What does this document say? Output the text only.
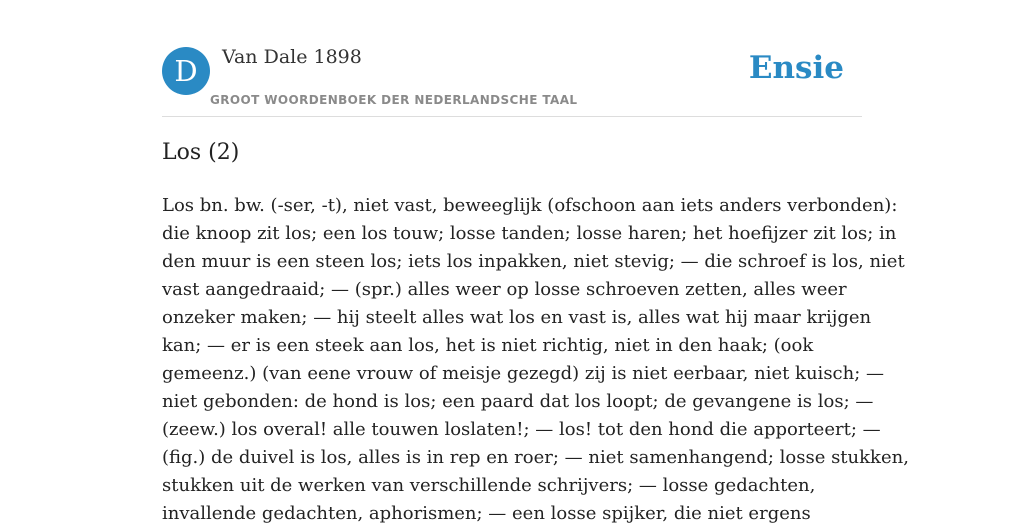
D	Van Dale 1898
GROOT WOORDENBOEK DER NEDERLANDSCHE TAAL
Ensie
Los (2)
Los bn. bw. (-ser, -t), niet vast, beweeglijk (ofschoon aan iets anders verbonden):
die knoop zit los; een los touw; losse tanden; losse haren; het hoefijzer zit los; in
den muur is een steen los; iets los inpakken, niet stevig; — die schroef is los, niet
vast aangedraaid; — (spr.) alles weer op losse schroeven zetten, alles weer
onzeker maken; — hij steelt alles wat los en vast is, alles wat hij maar krijgen
kan; — er is een steek aan los, het is niet richtig, niet in den haak; (ook
gemeenz.) (van eene vrouw of meisje gezegd) zij is niet eerbaar, niet kuisch; —
niet gebonden: de hond is los; een paard dat los loopt; de gevangene is los; —
(zeew.) los overal! alle touwen loslaten!; — los! tot den hond die apporteert; —
(fig.) de duivel is los, alles is in rep en roer; — niet samenhangend; losse stukken,
stukken uit de werken van verschillende schrijvers; — losse gedachten,
invallende gedachten, aphorismen; — een losse spijker, die niet ergens
